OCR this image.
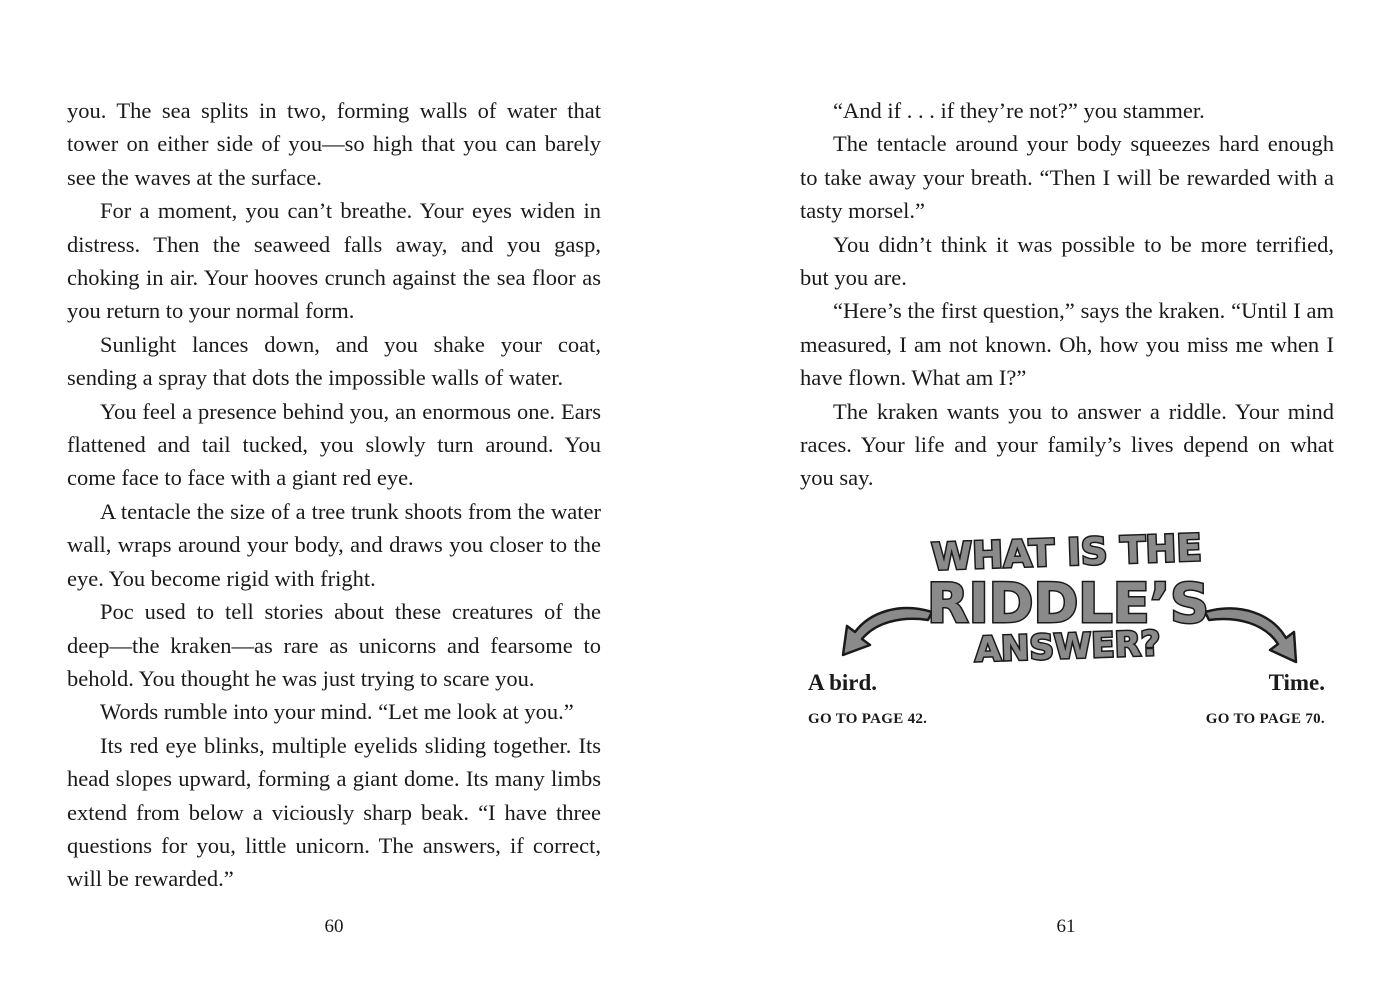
you. The sea splits in two, forming walls of water that tower on either side of you—so high that you can barely see the waves at the surface.

For a moment, you can’t breathe. Your eyes widen in distress. Then the seaweed falls away, and you gasp, choking in air. Your hooves crunch against the sea floor as you return to your normal form.

Sunlight lances down, and you shake your coat, sending a spray that dots the impossible walls of water.

You feel a presence behind you, an enormous one. Ears flattened and tail tucked, you slowly turn around. You come face to face with a giant red eye.

A tentacle the size of a tree trunk shoots from the water wall, wraps around your body, and draws you closer to the eye. You become rigid with fright.

Poc used to tell stories about these creatures of the deep—the kraken—as rare as unicorns and fearsome to behold. You thought he was just trying to scare you.

Words rumble into your mind. “Let me look at you.”

Its red eye blinks, multiple eyelids sliding together. Its head slopes upward, forming a giant dome. Its many limbs extend from below a viciously sharp beak. “I have three questions for you, little unicorn. The answers, if correct, will be rewarded.”

60

“And if . . . if they’re not?” you stammer.

The tentacle around your body squeezes hard enough to take away your breath. “Then I will be rewarded with a tasty morsel.”

You didn’t think it was possible to be more terrified, but you are.

“Here’s the first question,” says the kraken. “Until I am measured, I am not known. Oh, how you miss me when I have flown. What am I?”

The kraken wants you to answer a riddle. Your mind races. Your life and your family’s lives depend on what you say.

WHAT IS THE
RIDDLE’S
ANSWER?
A bird.
GO TO PAGE 42.
Time.
GO TO PAGE 70.
61
